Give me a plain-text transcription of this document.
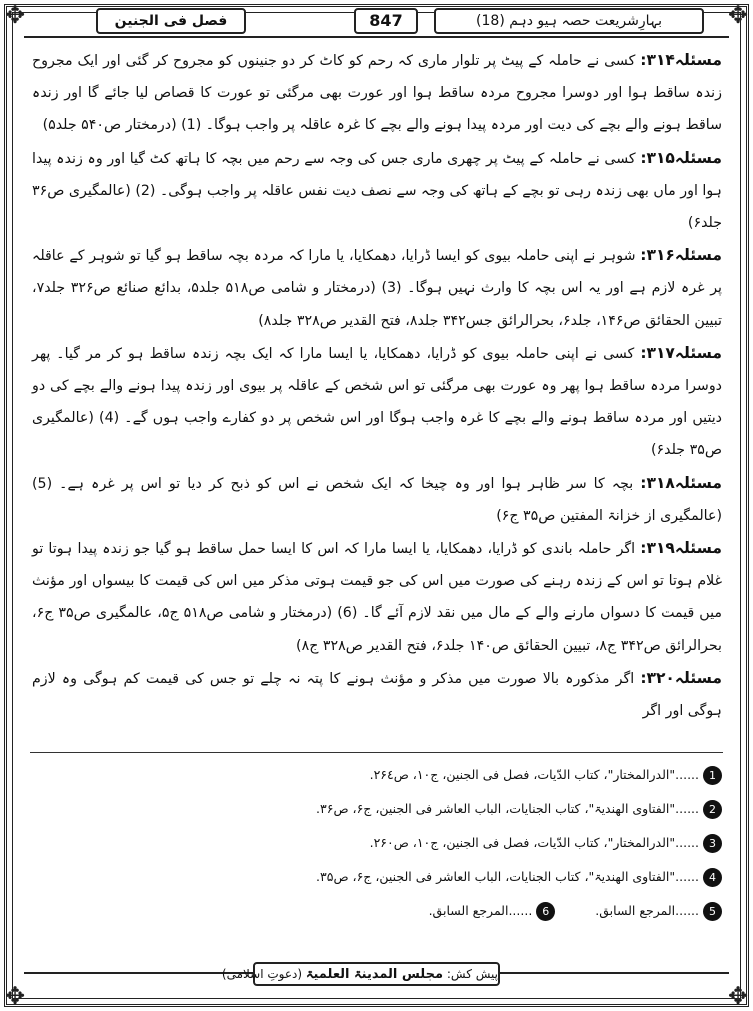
✥	✥
✥	✥
فصل فی الجنین	847	بہارِشریعت حصہ ہیو دہم (18)

مسئلہ۳۱۴: کسی نے حاملہ کے پیٹ پر تلوار ماری کہ رحم کو کاٹ کر دو جنینوں کو مجروح کر گئی اور ایک مجروح زندہ ساقط ہوا اور دوسرا مجروح مردہ ساقط ہوا اور عورت بھی مرگئی تو عورت کا قصاص لیا جائے گا اور زندہ ساقط ہونے والے بچے کی دیت اور مردہ پیدا ہونے والے بچے کا غرہ عاقلہ پر واجب ہوگا۔ (1) (درمختار ص۵۴۰ جلد۵)

مسئلہ۳۱۵: کسی نے حاملہ کے پیٹ پر چھری ماری جس کی وجہ سے رحم میں بچہ کا ہاتھ کٹ گیا اور وہ زندہ پیدا ہوا اور ماں بھی زندہ رہی تو بچے کے ہاتھ کی وجہ سے نصف دیت نفس عاقلہ پر واجب ہوگی۔ (2) (عالمگیری ص۳۶ جلد۶)

مسئلہ۳۱۶: شوہر نے اپنی حاملہ بیوی کو ایسا ڈرایا، دھمکایا، یا مارا کہ مردہ بچہ ساقط ہو گیا تو شوہر کے عاقلہ پر غرہ لازم ہے اور یہ اس بچہ کا وارث نہیں ہوگا۔ (3) (درمختار و شامی ص۵۱۸ جلد۵، بدائع صنائع ص۳۲۶ جلد۷، تبیین الحقائق ص۱۴۶، جلد۶، بحرالرائق جس۳۴۲ جلد۸، فتح القدیر ص۳۲۸ جلد۸)

مسئلہ۳۱۷: کسی نے اپنی حاملہ بیوی کو ڈرایا، دھمکایا، یا ایسا مارا کہ ایک بچہ زندہ ساقط ہو کر مر گیا۔ پھر دوسرا مردہ ساقط ہوا پھر وہ عورت بھی مرگئی تو اس شخص کے عاقلہ پر بیوی اور زندہ پیدا ہونے والے بچے کی دو دیتیں اور مردہ ساقط ہونے والے بچے کا غرہ واجب ہوگا اور اس شخص پر دو کفارے واجب ہوں گے۔ (4) (عالمگیری ص۳۵ جلد۶)

مسئلہ۳۱۸: بچہ کا سر ظاہر ہوا اور وہ چیخا کہ ایک شخص نے اس کو ذبح کر دیا تو اس پر غرہ ہے۔ (5) (عالمگیری از خزانۃ المفتین ص۳۵ ج۶)

مسئلہ۳۱۹: اگر حاملہ باندی کو ڈرایا، دھمکایا، یا ایسا مارا کہ اس کا ایسا حمل ساقط ہو گیا جو زندہ پیدا ہوتا تو غلام ہوتا تو اس کے زندہ رہنے کی صورت میں اس کی جو قیمت ہوتی مذکر میں اس کی قیمت کا بیسواں اور مؤنث میں قیمت کا دسواں مارنے والے کے مال میں نقد لازم آئے گا۔ (6) (درمختار و شامی ص۵۱۸ ج۵، عالمگیری ص۳۵ ج۶، بحرالرائق ص۳۴۲ ج۸، تبیین الحقائق ص۱۴۰ جلد۶، فتح القدیر ص۳۲۸ ج۸)

مسئلہ۳۲۰: اگر مذکورہ بالا صورت میں مذکر و مؤنث ہونے کا پتہ نہ چلے تو جس کی قیمت کم ہوگی وہ لازم ہوگی اور اگر

1......"الدرالمختار"، کتاب الدّیات، فصل فی الجنین، ج۱۰، ص۲۶٤.
2......"الفتاوی الھندیۃ"، کتاب الجنایات، الباب العاشر فی الجنین، ج۶، ص۳۶.
3......"الدرالمختار"، کتاب الدّیات، فصل فی الجنین، ج۱۰، ص۲۶۰.
4......"الفتاوی الھندیۃ"، کتاب الجنایات، الباب العاشر فی الجنین، ج۶، ص۳۵.
5......المرجع السابق. 6......المرجع السابق.
پیش کش: مجلس المدینۃ العلمیۃ (دعوتِ اسلامی)
